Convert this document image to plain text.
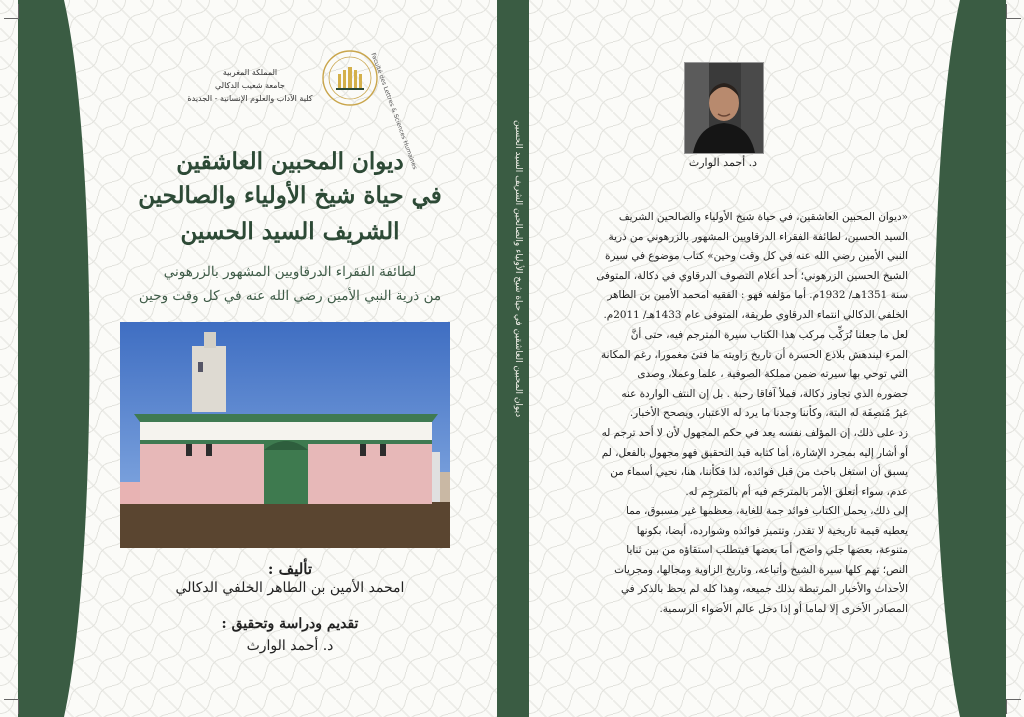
Faculté des Lettres & Sciences Humaines
المملكة المغربية
جامعة شعيب الدكالي
كلية الآداب والعلوم الإنسانية - الجديدة
ديوان المحبين العاشقين
في حياة شيخ الأولياء والصالحين
الشريف السيد الحسين
لطائفة الفقراء الدرقاويين المشهور بالزرهوني
من ذرية النبي الأمين رضي الله عنه في كل وقت وحين
تأليف :
امحمد الأمين بن الطاهر الخلفي الدكالي
تقديم ودراسة وتحقيق :
د. أحمد الوارث
ديوان المحبين العاشقين في حياة شيخ الأولياء والصالحين الشريف السيد الحسين	د. أحمد الوارث
«ديوان المحبين العاشقين، في حياة شيخ الأولياء والصالحين الشريف
السيد الحسين، لطائفة الفقراء الدرقاويين المشهور بالزرهوني من ذرية
النبي الأمين رضي الله عنه في كل وقت وحين» كتاب موضوع في سيرة
الشيخ الحسين الزرهوني؛ أحد أعلام التصوف الدرقاوي في دكالة، المتوفى
سنة 1351هـ/ 1932م. أما مؤلفه فهو : الفقيه امحمد الأمين بن الطاهر
الخلفي الدكالي انتماء الدرقاوي طريقة، المتوفى عام 1433هـ/ 2011م.
لعل ما جعلنا نُرَكِّب مركب هذا الكتاب سيرة المترجم فيه، حتى أنَّ
المرء ليندهش بلاذع الحسرة أن تاريخ زاويته ما فتئ مغمورا، رغم المكانة
التي توحي بها سيرته ضمن مملكة الصوفية ، علما وعملا، وصدى
حضوره الذي تجاوز دكالة، فملأ آفاقا رحبة . بل إن النتف الواردة عنه
غيرُ مُنصِفَة له البتة، وكأننا وجدنا ما يرد له الاعتبار، ويصحح الأخبار.
زد على ذلك، إن المؤلف نفسه يعد في حكم المجهول لأن لا أحد ترجم له
أو أشار إليه بمجرد الإشارة، أما كتابه قيد التحقيق فهو مجهول بالفعل، لم
يسبق أن استغل باحث من قبل فوائده، لذا فكأننا، هنا، نحيي أسماء من
عدم، سواء أتعلق الأمر بالمترجَم فيه أم بالمترجِم له.
إلى ذلك، يحمل الكتاب فوائد جمة للغاية، معظمها غير مسبوق، مما
يعطيه قيمة تاريخية لا تقدر. وتتميز فوائده وشوارده، أيضا، بكونها
متنوعة، بعضها جلي واضح، أما بعضها فيتطلب استقاؤه من بين ثنايا
النص؛ تهم كلها سيرة الشيخ وأتباعه، وتاريخ الزاوية ومجالها، ومجريات
الأحداث والأخبار المرتبطة بذلك جميعه، وهذا كله لم يحظ بالذكر في
المصادر الأخرى إلا لماما أو إذا دخل عالم الأضواء الرسمية.
